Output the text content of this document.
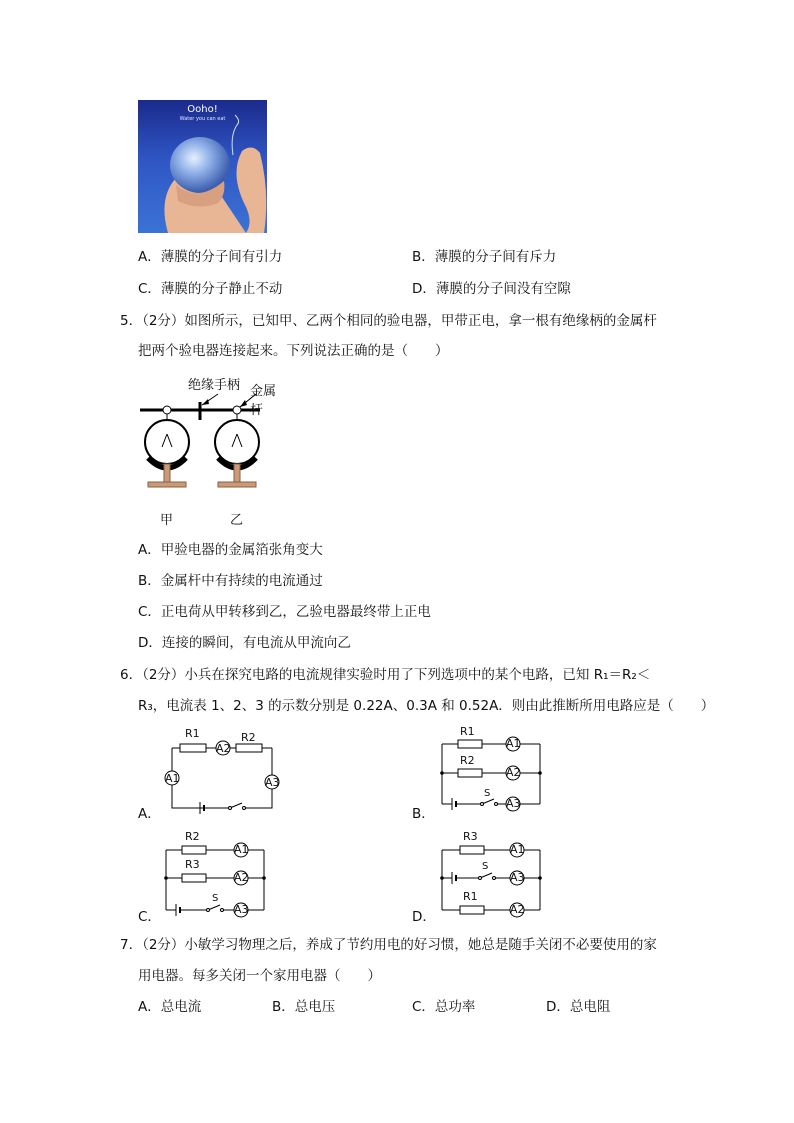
Ooho!
Water you can eat
A．薄膜的分子间有引力	B．薄膜的分子间有斥力
C．薄膜的分子静止不动	D．薄膜的分子间没有空隙
5．（2分）如图所示，已知甲、乙两个相同的验电器，甲带正电，拿一根有绝缘柄的金属杆
把两个验电器连接起来。下列说法正确的是（　　）
绝缘手柄 金属杆
甲	乙
A．甲验电器的金属箔张角变大
B．金属杆中有持续的电流通过
C．正电荷从甲转移到乙，乙验电器最终带上正电
D．连接的瞬间，有电流从甲流向乙
6．（2分）小兵在探究电路的电流规律实验时用了下列选项中的某个电路，已知 R₁＝R₂＜
R₃，电流表 1、2、3 的示数分别是 0.22A、0.3A 和 0.52A．则由此推断所用电路应是（　　）
A．
R1	R2
A2
A1	A3
B．
R1
A1
R2
A2
S
A3
C．
R2
A1
R3
A2
S
A3	D．
R3
A1
S
A3
R1
A2
7．（2分）小敏学习物理之后，养成了节约用电的好习惯，她总是随手关闭不必要使用的家
用电器。每多关闭一个家用电器（　　）
A．总电流	B．总电压	C．总功率	D．总电阻
